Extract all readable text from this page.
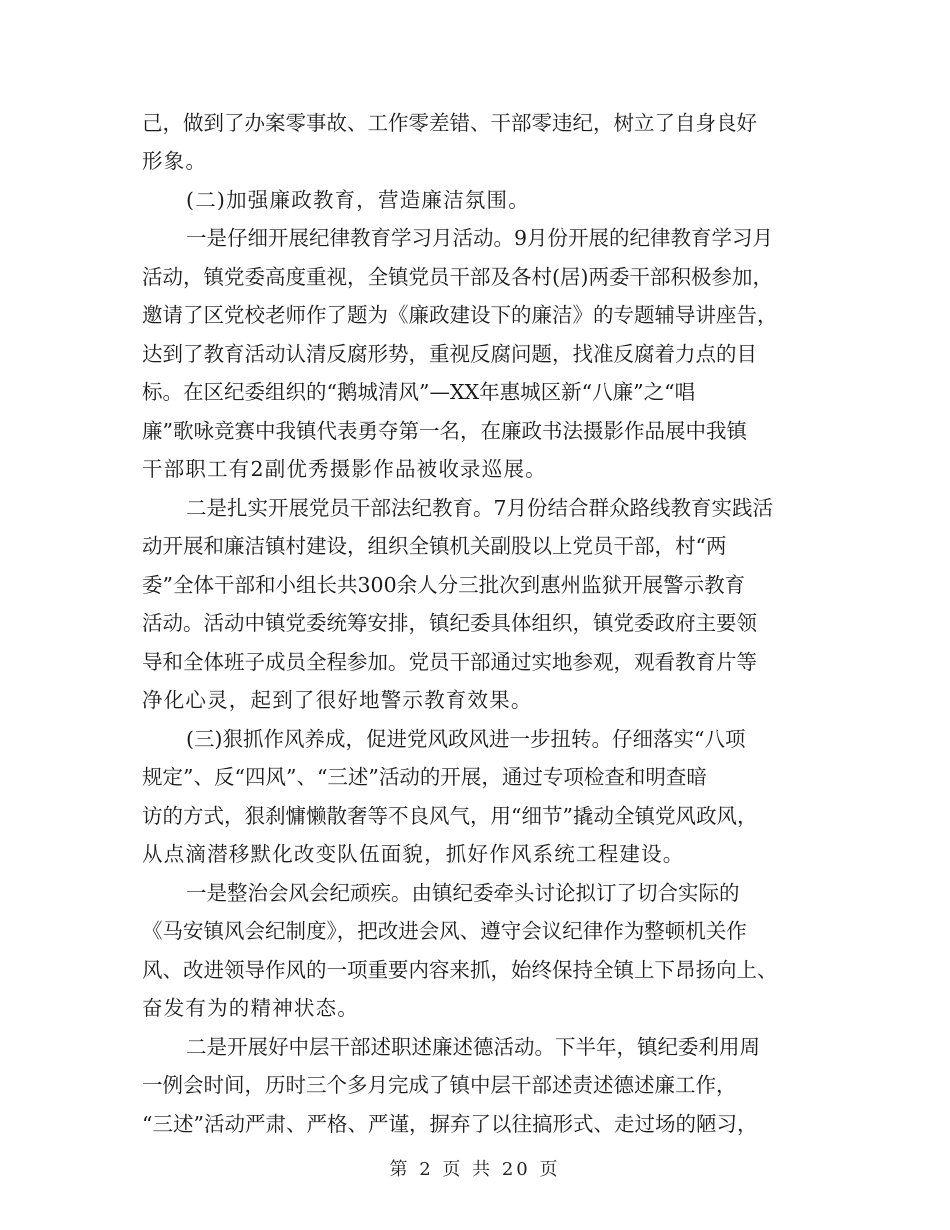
己，做到了办案零事故、工作零差错、干部零违纪，树立了自身良好
形象。
(二)加强廉政教育，营造廉洁氛围。
一是仔细开展纪律教育学习月活动。9月份开展的纪律教育学习月
活动，镇党委高度重视，全镇党员干部及各村(居)两委干部积极参加，
邀请了区党校老师作了题为《廉政建设下的廉洁》的专题辅导讲座告，
达到了教育活动认清反腐形势，重视反腐问题，找准反腐着力点的目
标。在区纪委组织的“鹅城清风”—XX年惠城区新“八廉”之“唱
廉”歌咏竞赛中我镇代表勇夺第一名，在廉政书法摄影作品展中我镇
干部职工有2副优秀摄影作品被收录巡展。
二是扎实开展党员干部法纪教育。7月份结合群众路线教育实践活
动开展和廉洁镇村建设，组织全镇机关副股以上党员干部，村“两
委”全体干部和小组长共300余人分三批次到惠州监狱开展警示教育
活动。活动中镇党委统筹安排，镇纪委具体组织，镇党委政府主要领
导和全体班子成员全程参加。党员干部通过实地参观，观看教育片等
净化心灵，起到了很好地警示教育效果。
(三)狠抓作风养成，促进党风政风进一步扭转。仔细落实“八项
规定”、反“四风”、“三述”活动的开展，通过专项检查和明查暗
访的方式，狠刹慵懒散奢等不良风气，用“细节”撬动全镇党风政风，
从点滴潜移默化改变队伍面貌，抓好作风系统工程建设。
一是整治会风会纪顽疾。由镇纪委牵头讨论拟订了切合实际的
《马安镇风会纪制度》，把改进会风、遵守会议纪律作为整顿机关作
风、改进领导作风的一项重要内容来抓，始终保持全镇上下昂扬向上、
奋发有为的精神状态。
二是开展好中层干部述职述廉述德活动。下半年，镇纪委利用周
一例会时间，历时三个多月完成了镇中层干部述责述德述廉工作，
“三述”活动严肃、严格、严谨，摒弃了以往搞形式、走过场的陋习，
第 2 页 共 20 页
